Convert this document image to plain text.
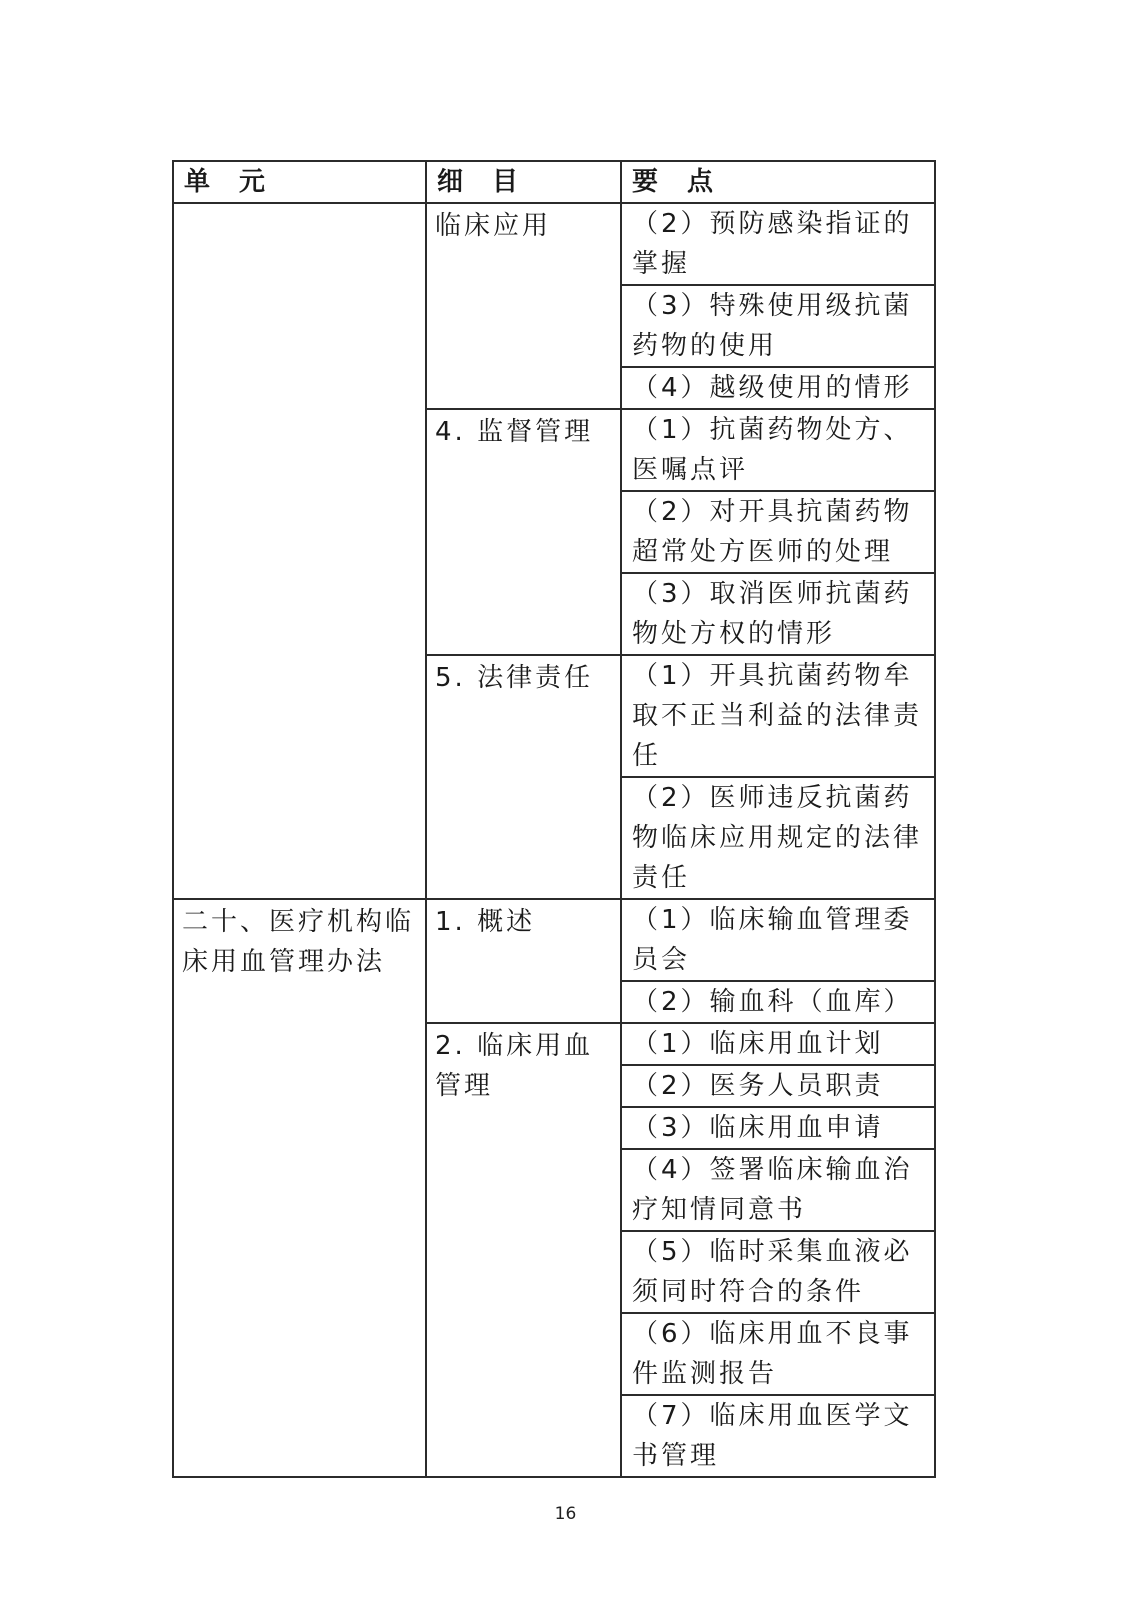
单 元	细 目	要 点
	临床应用	（2）预防感染指证的掌握
		（3）特殊使用级抗菌药物的使用
		（4）越级使用的情形
	4. 监督管理	（1）抗菌药物处方、医嘱点评
		（2）对开具抗菌药物超常处方医师的处理
		（3）取消医师抗菌药物处方权的情形
	5. 法律责任	（1）开具抗菌药物牟取不正当利益的法律责任
		（2）医师违反抗菌药物临床应用规定的法律责任
二十、医疗机构临床用血管理办法	1. 概述	（1）临床输血管理委员会
		（2）输血科（血库）
	2. 临床用血管理	（1）临床用血计划
		（2）医务人员职责
		（3）临床用血申请
		（4）签署临床输血治疗知情同意书
		（5）临时采集血液必须同时符合的条件
		（6）临床用血不良事件监测报告
		（7）临床用血医学文书管理
16
